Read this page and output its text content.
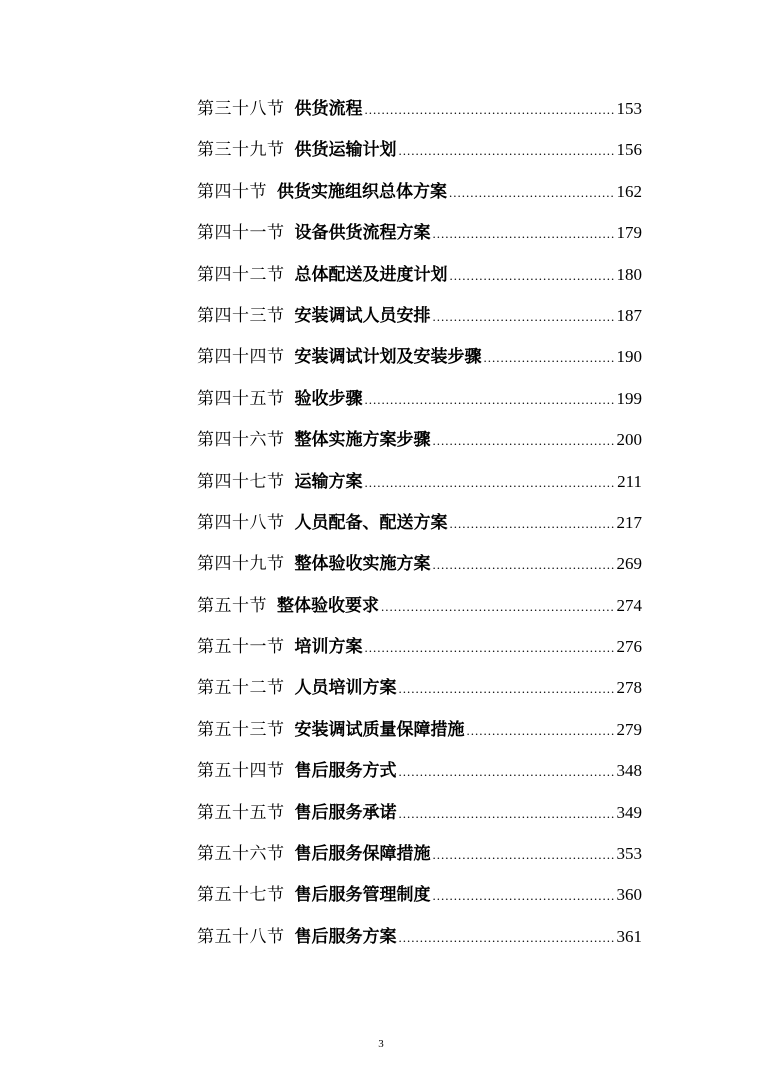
第三十八节 供货流程 .....	153
第三十九节 供货运输计划 .....	156
第四十节 供货实施组织总体方案 .....	162
第四十一节 设备供货流程方案 .....	179
第四十二节 总体配送及进度计划 .....	180
第四十三节 安装调试人员安排 .....	187
第四十四节 安装调试计划及安装步骤 .....	190
第四十五节 验收步骤 .....	199
第四十六节 整体实施方案步骤 .....	200
第四十七节 运输方案 .....	211
第四十八节 人员配备、配送方案 .....	217
第四十九节 整体验收实施方案 .....	269
第五十节 整体验收要求 .....	274
第五十一节 培训方案 .....	276
第五十二节 人员培训方案 .....	278
第五十三节 安装调试质量保障措施 .....	279
第五十四节 售后服务方式 .....	348
第五十五节 售后服务承诺 .....	349
第五十六节 售后服务保障措施 .....	353
第五十七节 售后服务管理制度 .....	360
第五十八节 售后服务方案 .....	361
3
